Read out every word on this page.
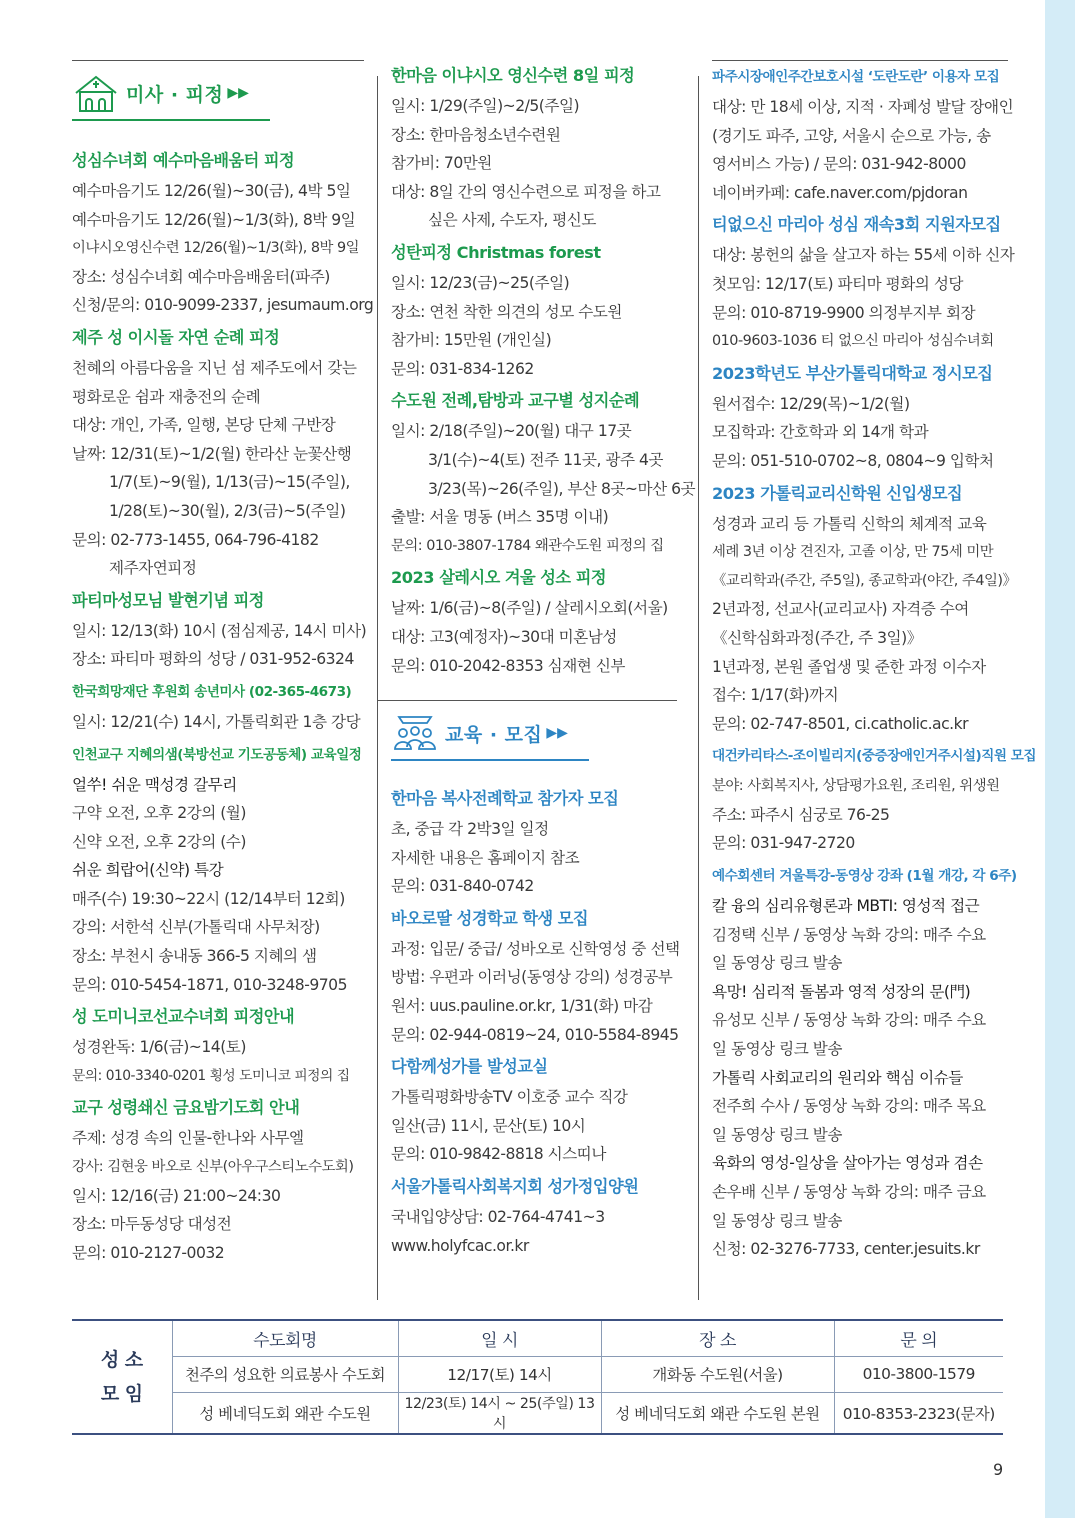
미사 · 피정 ▶▶
성심수녀회 예수마음배움터 피정
예수마음기도 12/26(월)~30(금), 4박 5일
예수마음기도 12/26(월)~1/3(화), 8박 9일
이냐시오영신수련 12/26(월)~1/3(화), 8박 9일
장소: 성심수녀회 예수마음배움터(파주)
신청/문의: 010-9099-2337, jesumaum.org
제주 성 이시돌 자연 순례 피정
천혜의 아름다움을 지닌 섬 제주도에서 갖는
평화로운 쉼과 재충전의 순례
대상: 개인, 가족, 일행, 본당 단체 구반장
날짜: 12/31(토)~1/2(월) 한라산 눈꽃산행
1/7(토)~9(월), 1/13(금)~15(주일),
1/28(토)~30(월), 2/3(금)~5(주일)
문의: 02-773-1455, 064-796-4182
제주자연피정
파티마성모님 발현기념 피정
일시: 12/13(화) 10시 (점심제공, 14시 미사)
장소: 파티마 평화의 성당 / 031-952-6324
한국희망재단 후원회 송년미사 (02-365-4673)
일시: 12/21(수) 14시, 가톨릭회관 1층 강당
인천교구 지혜의샘(북방선교 기도공동체) 교육일정
얼쑤! 쉬운 맥성경 갈무리
구약 오전, 오후 2강의 (월)
신약 오전, 오후 2강의 (수)
쉬운 희랍어(신약) 특강
매주(수) 19:30~22시 (12/14부터 12회)
강의: 서한석 신부(가톨릭대 사무처장)
장소: 부천시 송내동 366-5 지혜의 샘
문의: 010-5454-1871, 010-3248-9705
성 도미니코선교수녀회 피정안내
성경완독: 1/6(금)~14(토)
문의: 010-3340-0201 횡성 도미니코 피정의 집
교구 성령쇄신 금요밤기도회 안내
주제: 성경 속의 인물-한나와 사무엘
강사: 김현웅 바오로 신부(아우구스티노수도회)
일시: 12/16(금) 21:00~24:30
장소: 마두동성당 대성전
문의: 010-2127-0032
한마음 이냐시오 영신수련 8일 피정
일시: 1/29(주일)~2/5(주일)
장소: 한마음청소년수련원
참가비: 70만원
대상: 8일 간의 영신수련으로 피정을 하고
싶은 사제, 수도자, 평신도
성탄피정 Christmas forest
일시: 12/23(금)~25(주일)
장소: 연천 착한 의견의 성모 수도원
참가비: 15만원 (개인실)
문의: 031-834-1262
수도원 전례,탐방과 교구별 성지순례
일시: 2/18(주일)~20(월) 대구 17곳
3/1(수)~4(토) 전주 11곳, 광주 4곳
3/23(목)~26(주일), 부산 8곳~마산 6곳
출발: 서울 명동 (버스 35명 이내)
문의: 010-3807-1784 왜관수도원 피정의 집
2023 살레시오 겨울 성소 피정
날짜: 1/6(금)~8(주일) / 살레시오회(서울)
대상: 고3(예정자)~30대 미혼남성
문의: 010-2042-8353 심재현 신부
교육 · 모집 ▶▶
한마음 복사전례학교 참가자 모집
초, 중급 각 2박3일 일정
자세한 내용은 홈페이지 참조
문의: 031-840-0742
바오로딸 성경학교 학생 모집
과정: 입문/ 중급/ 성바오로 신학영성 중 선택
방법: 우편과 이러닝(동영상 강의) 성경공부
원서: uus.pauline.or.kr, 1/31(화) 마감
문의: 02-944-0819~24, 010-5584-8945
다함께성가를 발성교실
가톨릭평화방송TV 이호중 교수 직강
일산(금) 11시, 문산(토) 10시
문의: 010-9842-8818 시스띠나
서울가톨릭사회복지회 성가정입양원
국내입양상담: 02-764-4741~3
www.holyfcac.or.kr
파주시장애인주간보호시설 ‘도란도란’ 이용자 모집
대상: 만 18세 이상, 지적 · 자폐성 발달 장애인
(경기도 파주, 고양, 서울시 순으로 가능, 송
영서비스 가능) / 문의: 031-942-8000
네이버카페: cafe.naver.com/pjdoran
티없으신 마리아 성심 재속3회 지원자모집
대상: 봉헌의 삶을 살고자 하는 55세 이하 신자
첫모임: 12/17(토) 파티마 평화의 성당
문의: 010-8719-9900 의정부지부 회장
010-9603-1036 티 없으신 마리아 성심수녀회
2023학년도 부산가톨릭대학교 정시모집
원서접수: 12/29(목)~1/2(월)
모집학과: 간호학과 외 14개 학과
문의: 051-510-0702~8, 0804~9 입학처
2023 가톨릭교리신학원 신입생모집
성경과 교리 등 가톨릭 신학의 체계적 교육
세례 3년 이상 견진자, 고졸 이상, 만 75세 미만
《교리학과(주간, 주5일), 종교학과(야간, 주4일)》
2년과정, 선교사(교리교사) 자격증 수여
《신학심화과정(주간, 주 3일)》
1년과정, 본원 졸업생 및 준한 과정 이수자
접수: 1/17(화)까지
문의: 02-747-8501, ci.catholic.ac.kr
대건카리타스-조이빌리지(중증장애인거주시설)직원 모집
분야: 사회복지사, 상담평가요원, 조리원, 위생원
주소: 파주시 심궁로 76-25
문의: 031-947-2720
예수회센터 겨울특강-동영상 강좌 (1월 개강, 각 6주)
칼 융의 심리유형론과 MBTI: 영성적 접근
김정택 신부 / 동영상 녹화 강의: 매주 수요
일 동영상 링크 발송
욕망! 심리적 돌봄과 영적 성장의 문(門)
유성모 신부 / 동영상 녹화 강의: 매주 수요
일 동영상 링크 발송
가톨릭 사회교리의 원리와 핵심 이슈들
전주희 수사 / 동영상 녹화 강의: 매주 목요
일 동영상 링크 발송
육화의 영성-일상을 살아가는 영성과 겸손
손우배 신부 / 동영상 녹화 강의: 매주 금요
일 동영상 링크 발송
신청: 02-3276-7733, center.jesuits.kr
성 소
모 임	수도회명	일 시	장 소	문 의
	천주의 성요한 의료봉사 수도회	12/17(토) 14시	개화동 수도원(서울)	010-3800-1579
	성 베네딕도회 왜관 수도원	12/23(토) 14시 ~ 25(주일) 13시	성 베네딕도회 왜관 수도원 본원	010-8353-2323(문자)
9
